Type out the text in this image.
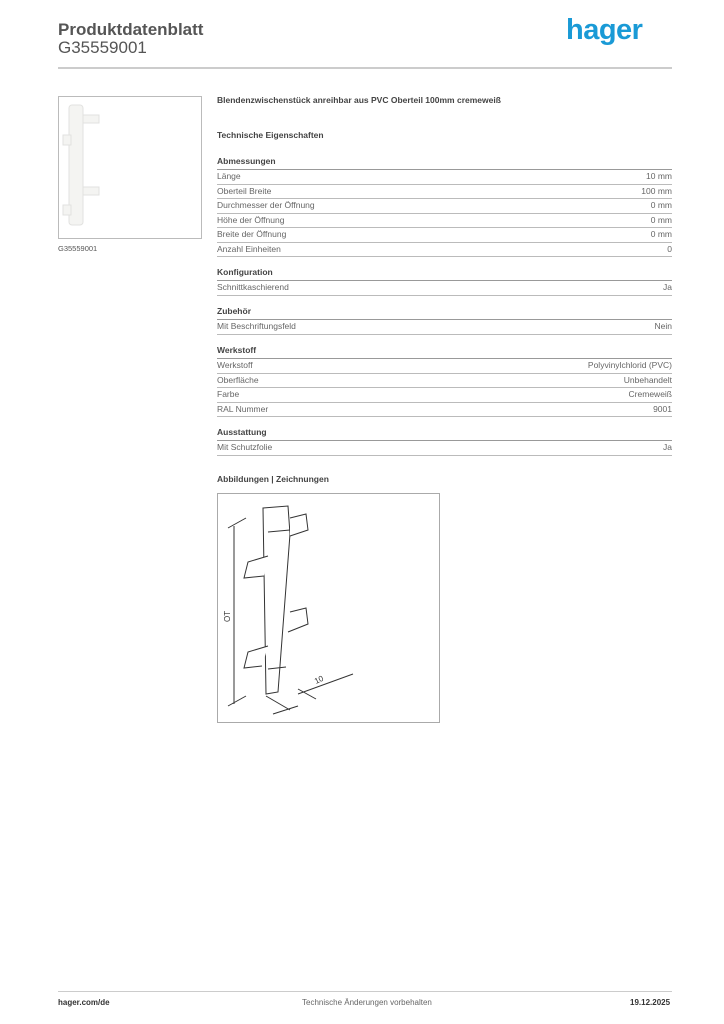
Produktdatenblatt
G35559001
hager
G35559001
Blendenzwischenstück anreihbar aus PVC Oberteil 100mm cremeweiß
Technische Eigenschaften
Abmessungen
Länge	10 mm
Oberteil Breite	100 mm
Durchmesser der Öffnung	0 mm
Höhe der Öffnung	0 mm
Breite der Öffnung	0 mm
Anzahl Einheiten	0
Konfiguration
Schnittkaschierend	Ja
Zubehör
Mit Beschriftungsfeld	Nein
Werkstoff
Werkstoff	Polyvinylchlorid (PVC)
Oberfläche	Unbehandelt
Farbe	Cremeweiß
RAL Nummer	9001
Ausstattung
Mit Schutzfolie	Ja
Abbildungen | Zeichnungen
OT
10
hager.com/de	Technische Änderungen vorbehalten	19.12.2025
